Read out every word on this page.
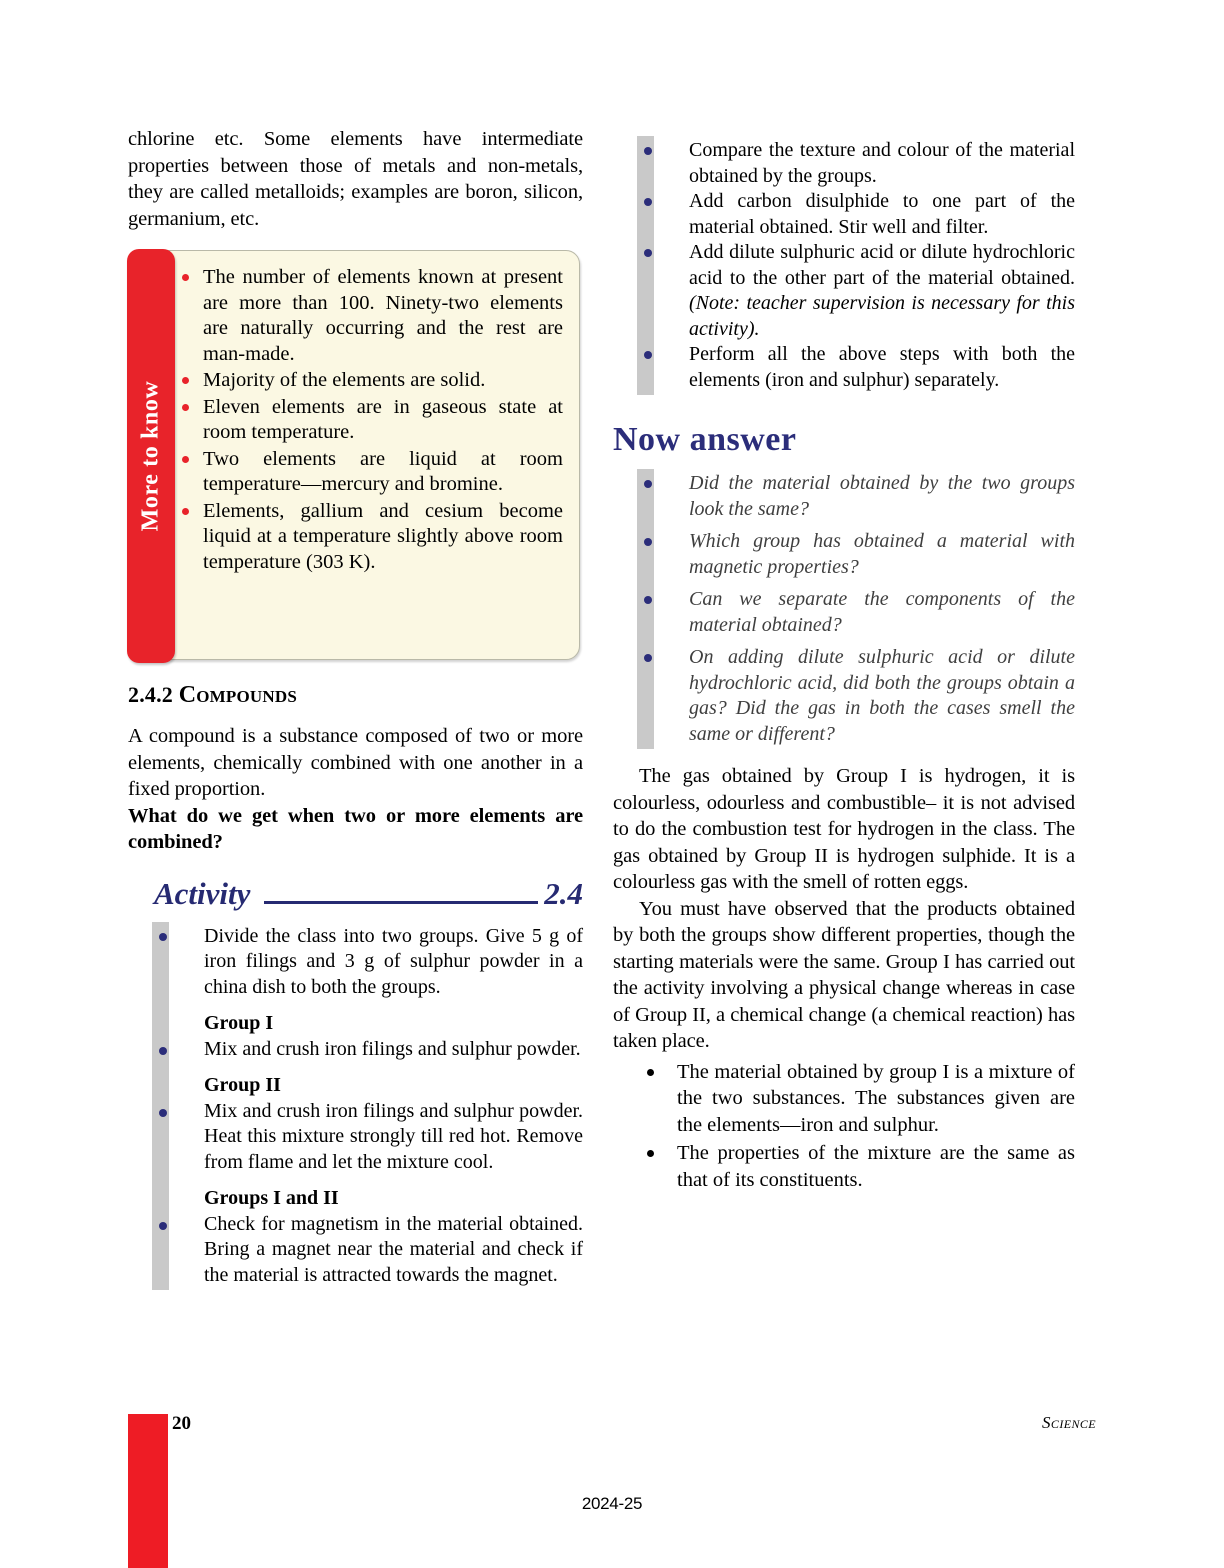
chlorine etc. Some elements have intermediate properties between those of metals and non-metals, they are called metalloids; examples are boron, silicon, germanium, etc.

More to know
The number of elements known at present are more than 100. Ninety-two elements are naturally occurring and the rest are man-made.
Majority of the elements are solid.
Eleven elements are in gaseous state at room temperature.
Two elements are liquid at room temperature—mercury and bromine.
Elements, gallium and cesium become liquid at a temperature slightly above room temperature (303 K).
2.4.2 Compounds

A compound is a substance composed of two or more elements, chemically combined with one another in a fixed proportion.

What do we get when two or more elements are combined?

Activity	2.4
Divide the class into two groups. Give 5 g of iron filings and 3 g of sulphur powder in a china dish to both the groups.
Group I
Mix and crush iron filings and sulphur powder.
Group II
Mix and crush iron filings and sulphur powder. Heat this mixture strongly till red hot. Remove from flame and let the mixture cool.
Groups I and II
Check for magnetism in the material obtained. Bring a magnet near the material and check if the material is attracted towards the magnet.
Compare the texture and colour of the material obtained by the groups.
Add carbon disulphide to one part of the material obtained. Stir well and filter.
Add dilute sulphuric acid or dilute hydrochloric acid to the other part of the material obtained.(Note: teacher supervision is necessary for this activity).
Perform all the above steps with both the elements (iron and sulphur) separately.
Now answer
Did the material obtained by the two groups look the same?
Which group has obtained a material with magnetic properties?
Can we separate the components of the material obtained?
On adding dilute sulphuric acid or dilute hydrochloric acid, did both the groups obtain a gas? Did the gas in both the cases smell the same or different?

The gas obtained by Group I is hydrogen, it is colourless, odourless and combustible– it is not advised to do the combustion test for hydrogen in the class. The gas obtained by Group II is hydrogen sulphide. It is a colourless gas with the smell of rotten eggs.

You must have observed that the products obtained by both the groups show different properties, though the starting materials were the same. Group I has carried out the activity involving a physical change whereas in case of Group II, a chemical change (a chemical reaction) has taken place.

The material obtained by group I is a mixture of the two substances. The substances given are the elements—iron and sulphur.
The properties of the mixture are the same as that of its constituents.
20	Science
2024-25
